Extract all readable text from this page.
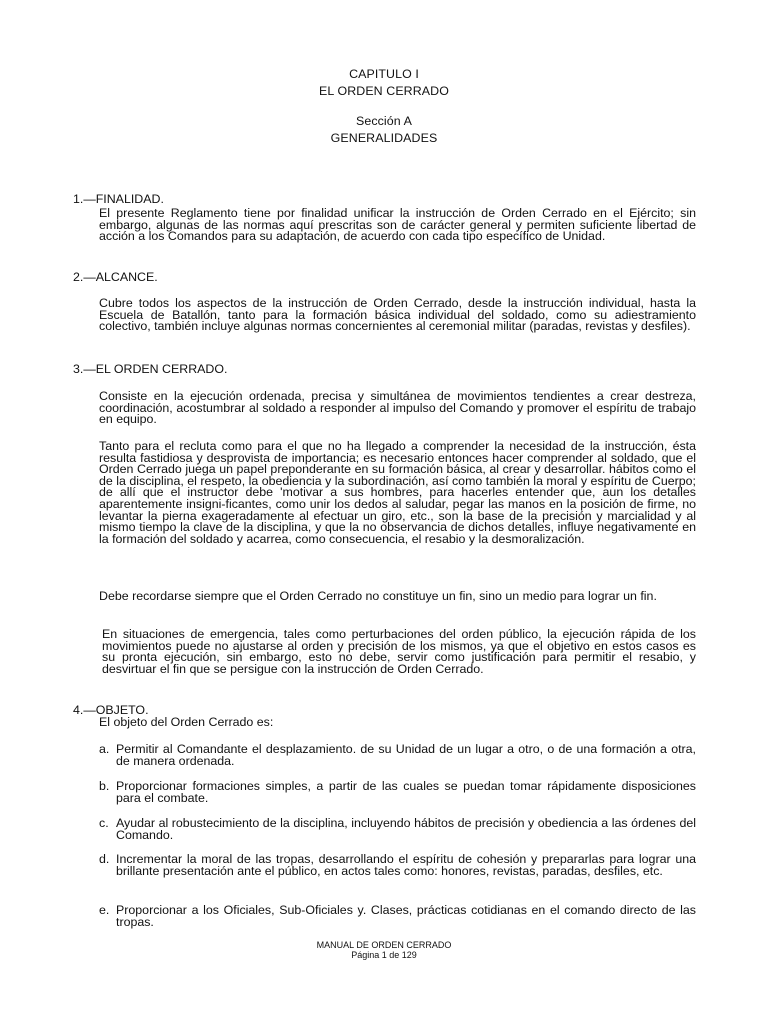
CAPITULO I
EL ORDEN CERRADO
Sección A
GENERALIDADES
1.—FINALIDAD.

El presente Reglamento tiene por finalidad unificar la instrucción de Orden Cerrado en el Ejército; sin embargo, algunas de las normas aquí prescritas son de carácter general y permiten suficiente libertad de acción a los Comandos para su adaptación, de acuerdo con cada tipo específico de Unidad.

2.—ALCANCE.

Cubre todos los aspectos de la instrucción de Orden Cerrado, desde la instrucción individual, hasta la Escuela de Batallón, tanto para la formación básica individual del soldado, como su adiestramiento colectivo, también incluye algunas normas concernientes al ceremonial militar (paradas, revistas y desfiles).

3.—EL ORDEN CERRADO.

Consiste en la ejecución ordenada, precisa y simultánea de movimientos tendientes a crear destreza, coordinación, acostumbrar al soldado a responder al impulso del Comando y promover el espíritu de trabajo en equipo.

Tanto para el recluta como para el que no ha llegado a comprender la necesidad de la instrucción, ésta resulta fastidiosa y desprovista de importancia; es necesario entonces hacer comprender al soldado, que el Orden Cerrado juega un papel preponderante en su formación básica, al crear y desarrollar. hábitos como el de la disciplina, el respeto, la obediencia y la subordinación, así como también la moral y espíritu de Cuerpo; de allí que el instructor debe 'motivar a sus hombres, para hacerles entender que, aun los detalles aparentemente insigni-ficantes, como unir los dedos al saludar, pegar las manos en la posición de firme, no levantar la pierna exageradamente al efectuar un giro, etc., son la base de la precisión y marcialidad y al mismo tiempo la clave de la disciplina, y que la no observancia de dichos detalles, influye negativamente en la formación del soldado y acarrea, como consecuencia, el resabio y la desmoralización.

Debe recordarse siempre que el Orden Cerrado no constituye un fin, sino un medio para lograr un fin.

En situaciones de emergencia, tales como perturbaciones del orden público, la ejecución rápida de los movimientos puede no ajustarse al orden y precisión de los mismos, ya que el objetivo en estos casos es su pronta ejecución, sin embargo, esto no debe, servir como justificación para permitir el resabio, y desvirtuar el fin que se persigue con la instrucción de Orden Cerrado.

4.—OBJETO.
El objeto del Orden Cerrado es:
a. Permitir al Comandante el desplazamiento. de su Unidad de un lugar a otro, o de una formación a otra, de manera ordenada.

b. Proporcionar formaciones simples, a partir de las cuales se puedan tomar rápidamente disposiciones para el combate.

c. Ayudar al robustecimiento de la disciplina, incluyendo hábitos de precisión y obediencia a las órdenes del Comando.

d. Incrementar la moral de las tropas, desarrollando el espíritu de cohesión y prepararlas para lograr una brillante presentación ante el público, en actos tales como: honores, revistas, paradas, desfiles, etc.

e. Proporcionar a los Oficiales, Sub-Oficiales y. Clases, prácticas cotidianas en el comando directo de las tropas.

MANUAL DE ORDEN CERRADO
Página 1 de 129
